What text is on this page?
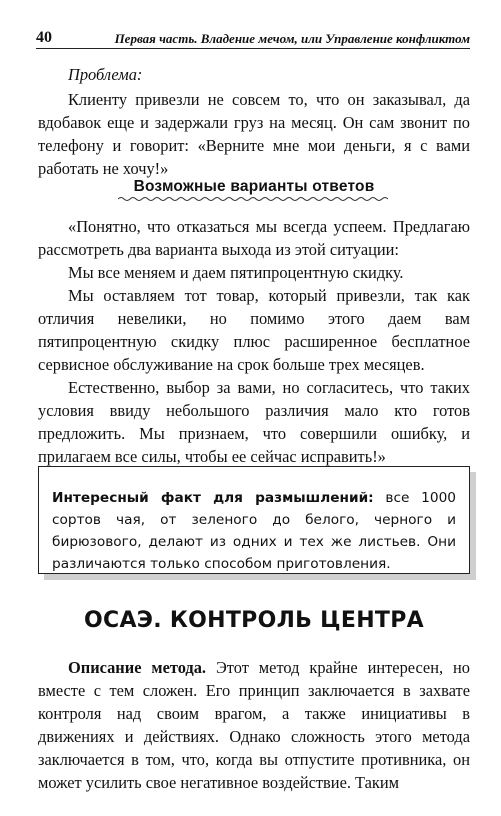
40	Первая часть. Владение мечом, или Управление конфликтом
Проблема:

Клиенту привезли не совсем то, что он заказывал, да вдобавок еще и задержали груз на месяц. Он сам звонит по телефону и говорит: «Верните мне мои деньги, я с вами работать не хочу!»

Возможные варианты ответов

«Понятно, что отказаться мы всегда успеем. Предлагаю рассмотреть два варианта выхода из этой ситуации:

Мы все меняем и даем пятипроцентную скидку.

Мы оставляем тот товар, который привезли, так как отличия невелики, но помимо этого даем вам пятипроцентную скидку плюс расширенное бесплатное сервисное обслуживание на срок больше трех месяцев.

Естественно, выбор за вами, но согласитесь, что таких условия ввиду небольшого различия мало кто готов предложить. Мы признаем, что совершили ошибку, и прилагаем все силы, чтобы ее сейчас исправить!»

Интересный факт для размышлений: все 1000 сортов чая, от зеленого до белого, черного и бирюзового, делают из одних и тех же листьев. Они различаются только способом приготовления.

ОСАЭ. КОНТРОЛЬ ЦЕНТРА

Описание метода. Этот метод крайне интересен, но вместе с тем сложен. Его принцип заключается в захвате контроля над своим врагом, а также инициативы в движениях и действиях. Однако сложность этого метода заключается в том, что, когда вы отпустите противника, он может усилить свое негативное воздействие. Таким
